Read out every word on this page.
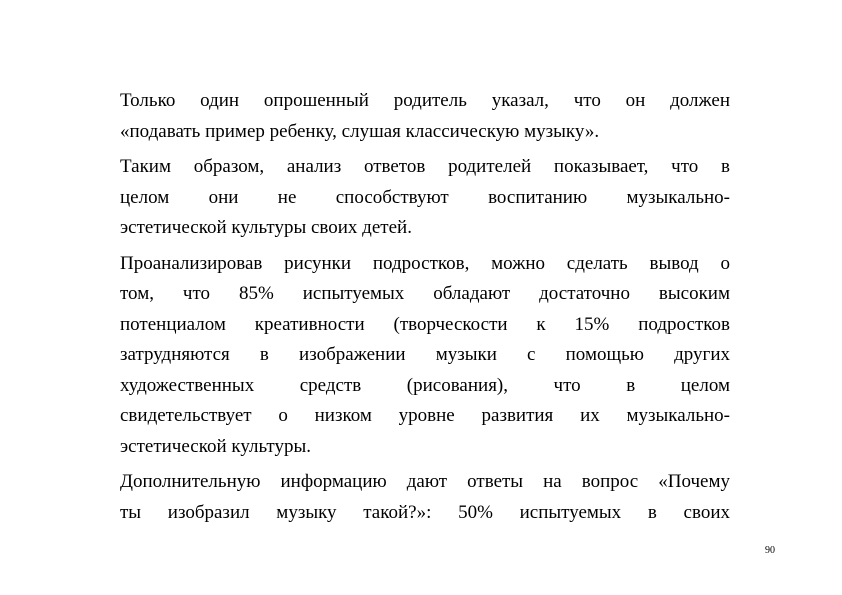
Только один опрошенный родитель указал, что он должен
«подавать пример ребенку, слушая классическую музыку».

Таким образом, анализ ответов родителей показывает, что в
целом они не способствуют воспитанию музыкально-
эстетической культуры своих детей.

Проанализировав рисунки подростков, можно сделать вывод о
том, что 85% испытуемых обладают достаточно высоким
потенциалом креативности (творческости к 15% подростков
затрудняются в изображении музыки с помощью других
художественных средств (рисования), что в целом
свидетельствует о низком уровне развития их музыкально-
эстетической культуры.

Дополнительную информацию дают ответы на вопрос «Почему
ты изобразил музыку такой?»: 50% испытуемых в своих

90
